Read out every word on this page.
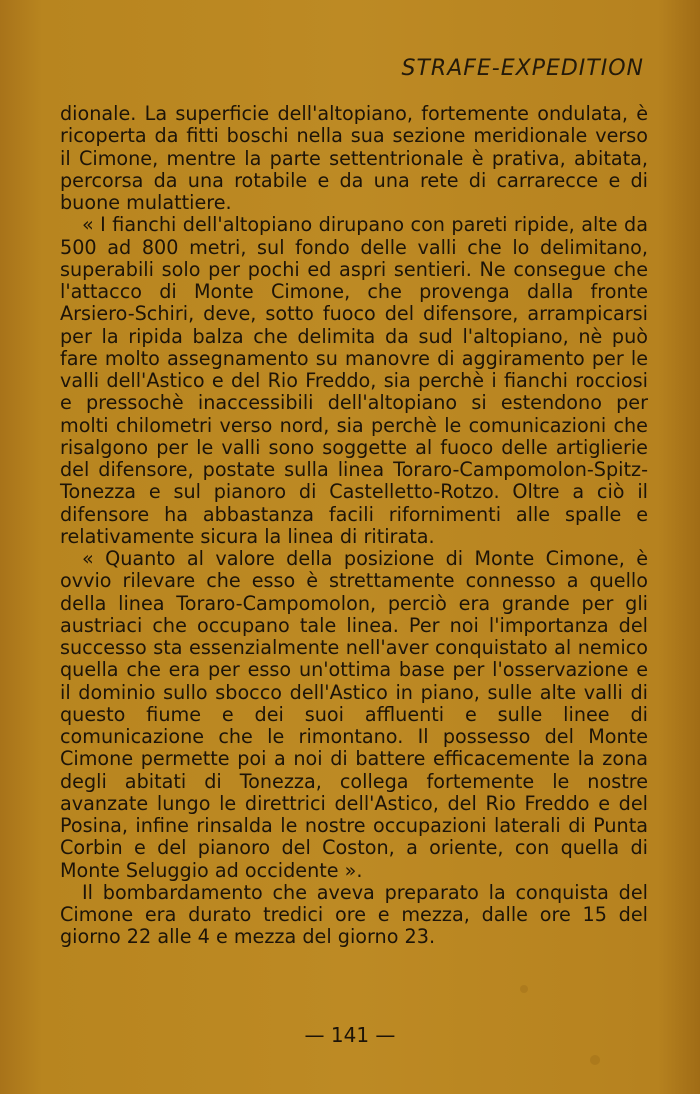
STRAFE-EXPEDITION

dionale. La superficie dell'altopiano, fortemente ondulata, è ricoperta da fitti boschi nella sua sezione meridionale verso il Cimone, mentre la parte settentrionale è prativa, abitata, percorsa da una rotabile e da una rete di carrarecce e di buone mulattiere.

« I fianchi dell'altopiano dirupano con pareti ripide, alte da 500 ad 800 metri, sul fondo delle valli che lo delimitano, superabili solo per pochi ed aspri sentieri. Ne consegue che l'attacco di Monte Cimone, che provenga dalla fronte Arsiero-Schiri, deve, sotto fuoco del difensore, arrampicarsi per la ripida balza che delimita da sud l'altopiano, nè può fare molto assegnamento su manovre di aggiramento per le valli dell'Astico e del Rio Freddo, sia perchè i fianchi rocciosi e pressochè inaccessibili dell'altopiano si estendono per molti chilometri verso nord, sia perchè le comunicazioni che risalgono per le valli sono soggette al fuoco delle artiglierie del difensore, postate sulla linea Toraro-Campomolon-Spitz-Tonezza e sul pianoro di Castelletto-Rotzo. Oltre a ciò il difensore ha abbastanza facili rifornimenti alle spalle e relativamente sicura la linea di ritirata.

« Quanto al valore della posizione di Monte Cimone, è ovvio rilevare che esso è strettamente connesso a quello della linea Toraro-Campomolon, perciò era grande per gli austriaci che occupano tale linea. Per noi l'importanza del successo sta essenzialmente nell'aver conquistato al nemico quella che era per esso un'ottima base per l'osservazione e il dominio sullo sbocco dell'Astico in piano, sulle alte valli di questo fiume e dei suoi affluenti e sulle linee di comunicazione che le rimontano. Il possesso del Monte Cimone permette poi a noi di battere efficacemente la zona degli abitati di Tonezza, collega fortemente le nostre avanzate lungo le direttrici dell'Astico, del Rio Freddo e del Posina, infine rinsalda le nostre occupazioni laterali di Punta Corbin e del pianoro del Coston, a oriente, con quella di Monte Seluggio ad occidente ».

Il bombardamento che aveva preparato la conquista del Cimone era durato tredici ore e mezza, dalle ore 15 del giorno 22 alle 4 e mezza del giorno 23.

— 141 —
